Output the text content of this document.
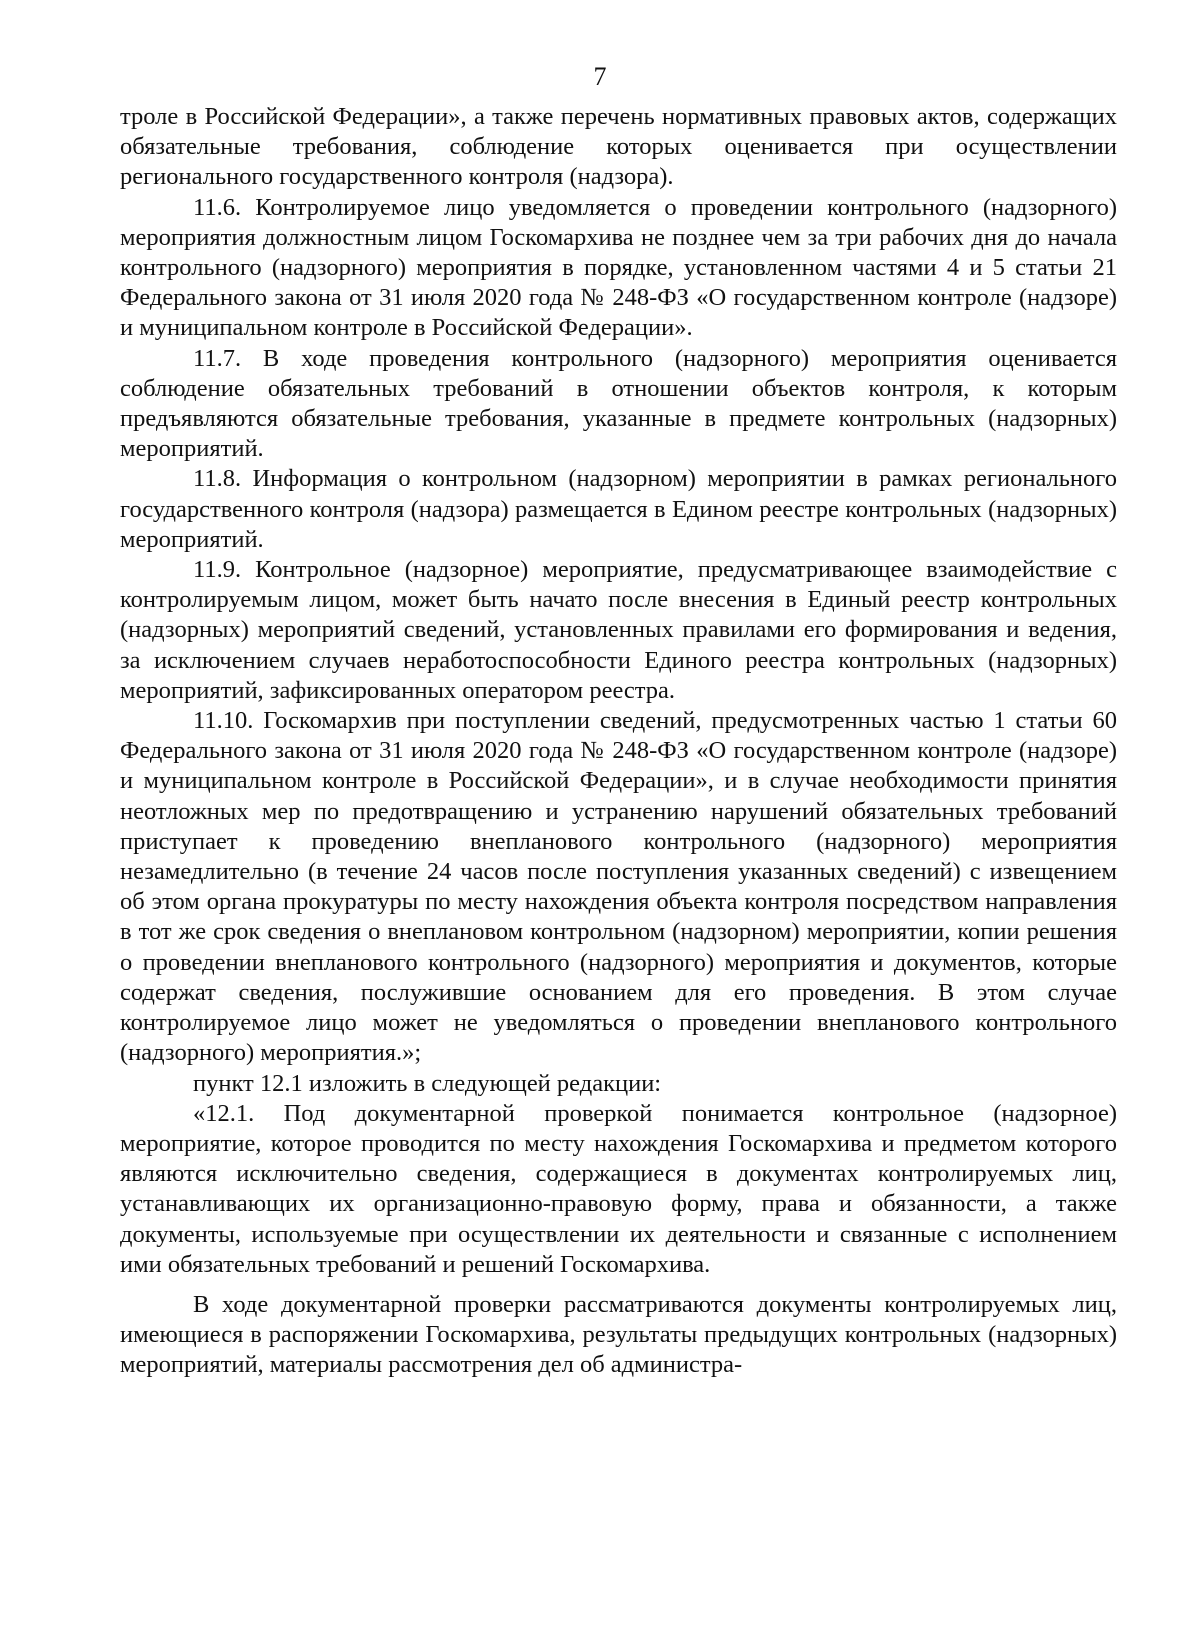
7

троле в Российской Федерации», а также перечень нормативных правовых актов, содержащих обязательные требования, соблюдение которых оценивается при осуществлении регионального государственного контроля (надзора).

11.6. Контролируемое лицо уведомляется о проведении контрольного (надзорного) мероприятия должностным лицом Госкомархива не позднее чем за три рабочих дня до начала контрольного (надзорного) мероприятия в порядке, установленном частями 4 и 5 статьи 21 Федерального закона от 31 июля 2020 года № 248-ФЗ «О государственном контроле (надзоре) и муниципальном контроле в Российской Федерации».

11.7. В ходе проведения контрольного (надзорного) мероприятия оценивается соблюдение обязательных требований в отношении объектов контроля, к которым предъявляются обязательные требования, указанные в предмете контрольных (надзорных) мероприятий.

11.8. Информация о контрольном (надзорном) мероприятии в рамках регионального государственного контроля (надзора) размещается в Едином реестре контрольных (надзорных) мероприятий.

11.9. Контрольное (надзорное) мероприятие, предусматривающее взаимодействие с контролируемым лицом, может быть начато после внесения в Единый реестр контрольных (надзорных) мероприятий сведений, установленных правилами его формирования и ведения, за исключением случаев неработоспособности Единого реестра контрольных (надзорных) мероприятий, зафиксированных оператором реестра.

11.10. Госкомархив при поступлении сведений, предусмотренных частью 1 статьи 60 Федерального закона от 31 июля 2020 года № 248-ФЗ «О государственном контроле (надзоре) и муниципальном контроле в Российской Федерации», и в случае необходимости принятия неотложных мер по предотвращению и устранению нарушений обязательных требований приступает к проведению внепланового контрольного (надзорного) мероприятия незамедлительно (в течение 24 часов после поступления указанных сведений) с извещением об этом органа прокуратуры по месту нахождения объекта контроля посредством направления в тот же срок сведения о внеплановом контрольном (надзорном) мероприятии, копии решения о проведении внепланового контрольного (надзорного) мероприятия и документов, которые содержат сведения, послужившие основанием для его проведения. В этом случае контролируемое лицо может не уведомляться о проведении внепланового контрольного (надзорного) мероприятия.»;

пункт 12.1 изложить в следующей редакции:

«12.1. Под документарной проверкой понимается контрольное (надзорное) мероприятие, которое проводится по месту нахождения Госкомархива и предметом которого являются исключительно сведения, содержащиеся в документах контролируемых лиц, устанавливающих их организационно-правовую форму, права и обязанности, а также документы, используемые при осуществлении их деятельности и связанные с исполнением ими обязательных требований и решений Госкомархива.

В ходе документарной проверки рассматриваются документы контролируемых лиц, имеющиеся в распоряжении Госкомархива, результаты предыдущих контрольных (надзорных) мероприятий, материалы рассмотрения дел об администра-
